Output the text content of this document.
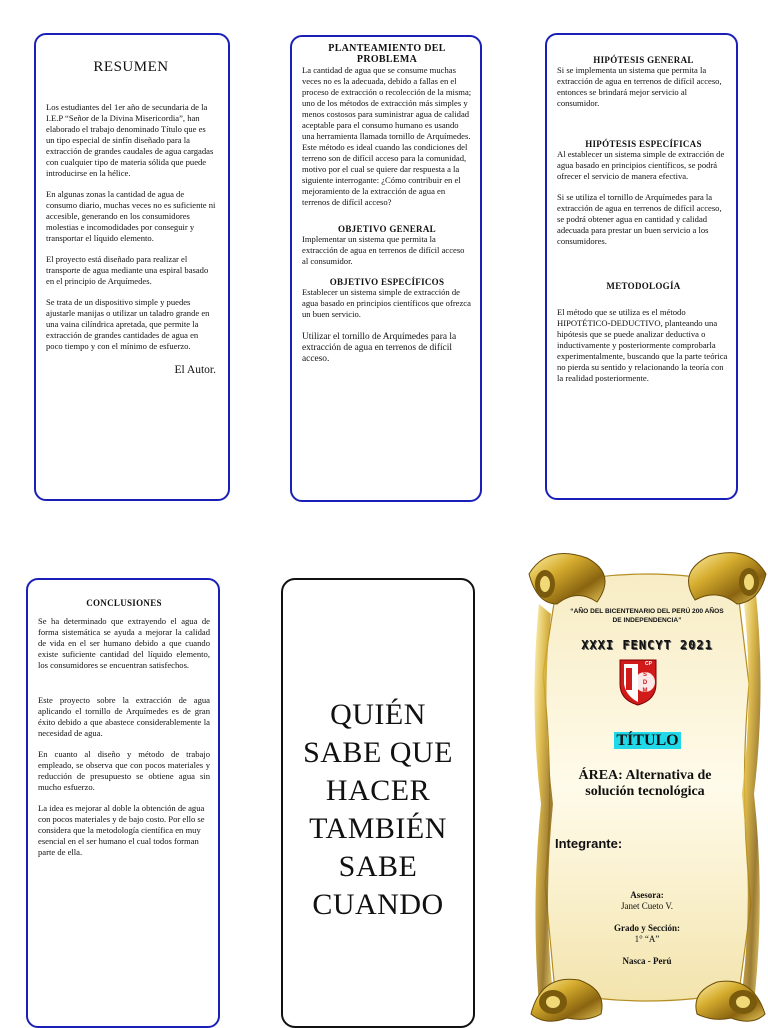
RESUMEN

Los estudiantes del 1er año de secundaria de la I.E.P “Señor de la Divina Misericordia”, han elaborado el trabajo denominado Título que es un tipo especial de sinfín diseñado para la extracción de grandes caudales de agua cargadas con cualquier tipo de materia sólida que puede introducirse en la hélice.

En algunas zonas la cantidad de agua de consumo diario, muchas veces no es suficiente ni accesible, generando en los consumidores molestias e incomodidades por conseguir y transportar el líquido elemento.

El proyecto está diseñado para realizar el transporte de agua mediante una espiral basado en el principio de Arquímedes.

Se trata de un dispositivo simple y puedes ajustarle manijas o utilizar un taladro grande en una vaina cilíndrica apretada, que permite la extracción de grandes cantidades de agua en poco tiempo y con el mínimo de esfuerzo.

El Autor.

PLANTEAMIENTO DEL PROBLEMA

La cantidad de agua que se consume muchas veces no es la adecuada, debido a fallas en el proceso de extracción o recolección de la misma; uno de los métodos de extracción más simples y menos costosos para suministrar agua de calidad aceptable para el consumo humano es usando una herramienta llamada tornillo de Arquímedes.

Este método es ideal cuando las condiciones del terreno son de difícil acceso para la comunidad, motivo por el cual se quiere dar respuesta a la siguiente interrogante: ¿Cómo contribuir en el mejoramiento de la extracción de agua en terrenos de difícil acceso?

OBJETIVO GENERAL

Implementar un sistema que permita la extracción de agua en terrenos de difícil acceso al consumidor.

OBJETIVO ESPECÍFICOS

Establecer un sistema simple de extracción de agua basado en principios científicos que ofrezca un buen servicio.

Utilizar el tornillo de Arquímedes para la extracción de agua en terrenos de difícil acceso.

HIPÓTESIS GENERAL

Si se implementa un sistema que permita la extracción de agua en terrenos de difícil acceso, entonces se brindará mejor servicio al consumidor.

HIPÓTESIS ESPECÍFICAS

Al establecer un sistema simple de extracción de agua basado en principios científicos, se podrá ofrecer el servicio de manera efectiva.

Si se utiliza el tornillo de Arquímedes para la extracción de agua en terrenos de difícil acceso, se podrá obtener agua en cantidad y calidad adecuada para prestar un buen servicio a los consumidores.

METODOLOGÍA

El método que se utiliza es el método HIPOTÉTICO-DEDUCTIVO, planteando una hipótesis que se puede analizar deductiva o inductivamente y posteriormente comprobarla experimentalmente, buscando que la parte teórica no pierda su sentido y relacionando la teoría con la realidad posteriormente.

CONCLUSIONES

Se ha determinado que extrayendo el agua de forma sistemática se ayuda a mejorar la calidad de vida en el ser humano debido a que cuando existe suficiente cantidad del líquido elemento, los consumidores se encuentran satisfechos.

Este proyecto sobre la extracción de agua aplicando el tornillo de Arquímedes es de gran éxito debido a que abastece considerablemente la necesidad de agua.

En cuanto al diseño y método de trabajo empleado, se observa que con pocos materiales y reducción de presupuesto se obtiene agua sin mucho esfuerzo.

La idea es mejorar al doble la obtención de agua con pocos materiales y de bajo costo. Por ello se considera que la metodología científica en muy esencial en el ser humano el cual todos forman parte de ella.

QUIÉN SABE QUE HACER TAMBIÉN SABE CUANDO

“AÑO DEL BICENTENARIO DEL PERÚ 200 AÑOS DE INDEPENDENCIA”
XXXI FENCYT 2021
CP
S D M
TÍTULO
ÁREA: Alternativa de solución tecnológica
Integrante:
Asesora:
Janet Cueto V.
Grado y Sección:
1° “A”
Nasca - Perú
